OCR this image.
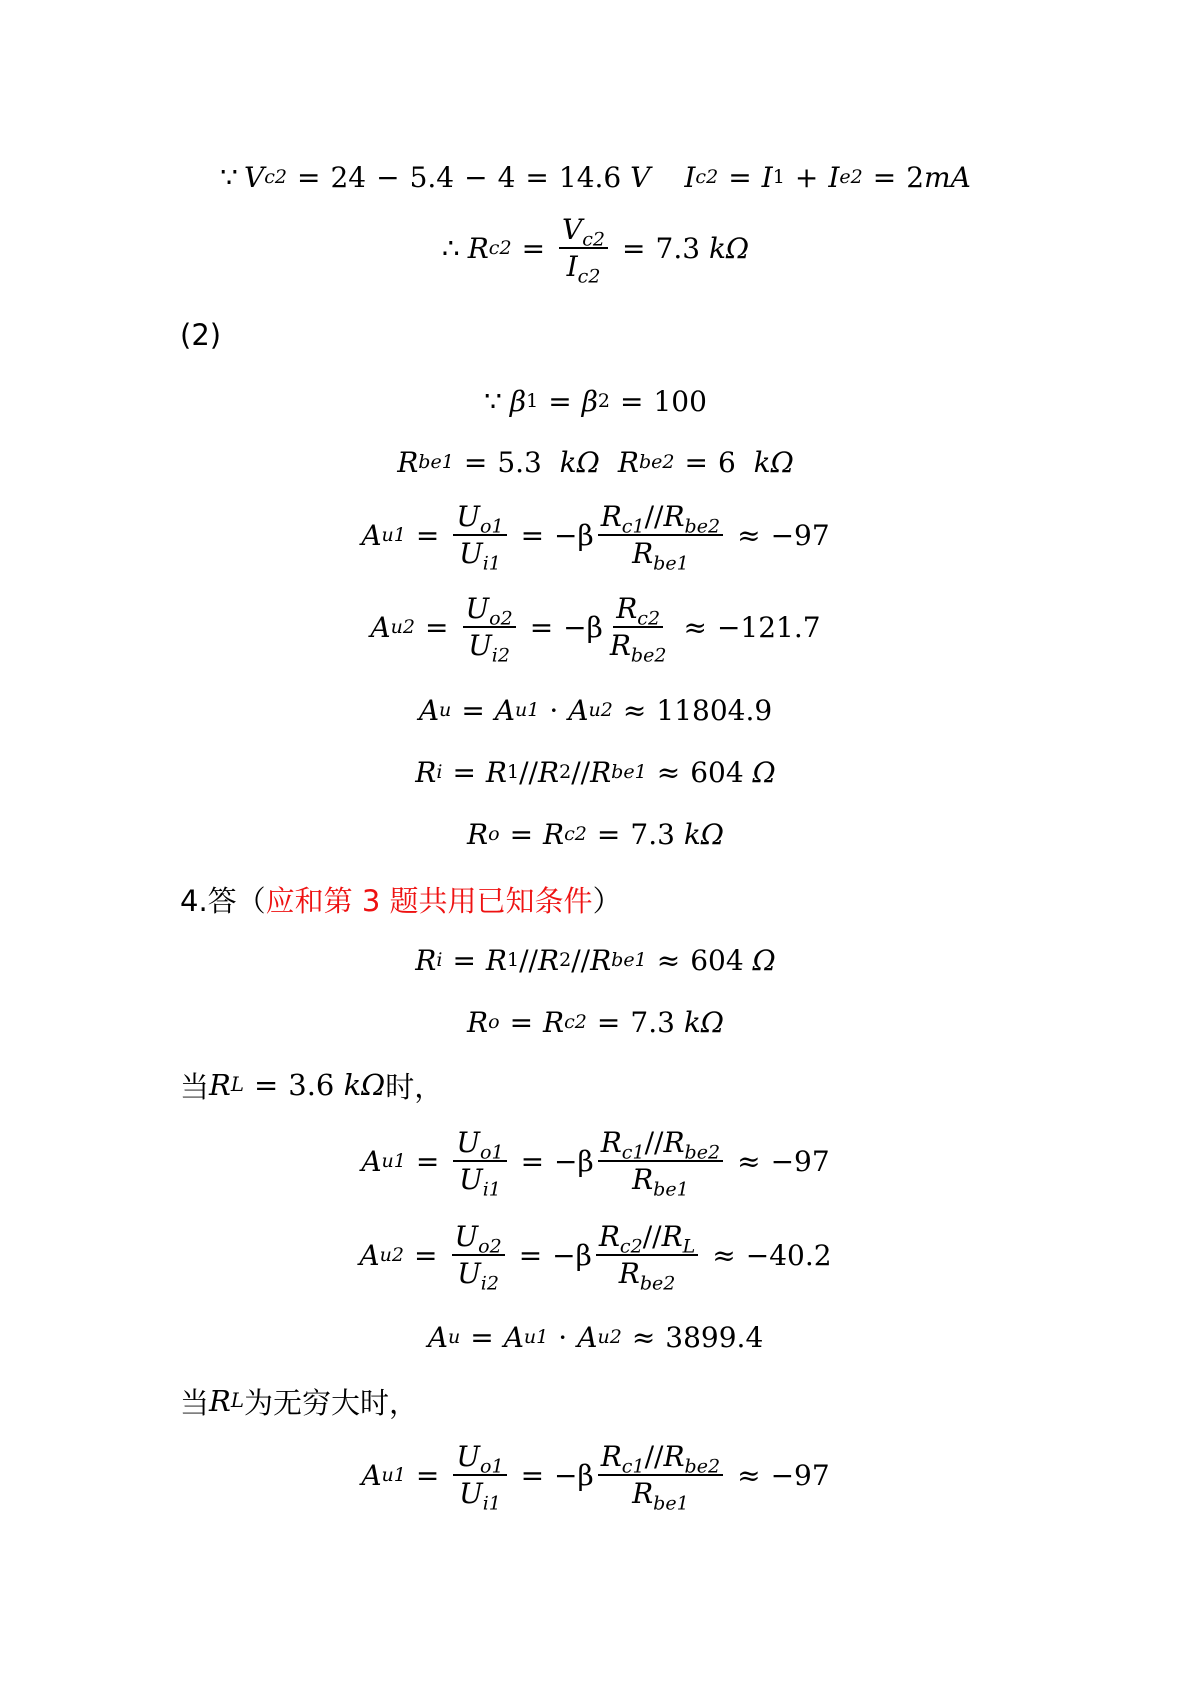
∵ V c2 = 24 − 5.4 − 4 = 14.6 V I c2 = I 1 + I e2 = 2 mA
∴ R $c2 = \frac{V_{c2}}{I_{c2}} = 7.3$ kΩ
(2)
∵ β 1 = β 2 = 100
R be1 = 5.3 kΩ R be2 = 6 kΩ
A $u1 = \frac{U_{o1}}{U_{i1}} = -\beta \frac{R_{c1}//R_{be2}}{R_{be1}} \approx -97$
A $u2 = \frac{U_{o2}}{U_{i2}} = -\beta \frac{R_{c2}}{R_{be2}} \approx -121.7$
A u = A u1 · A u2 ≈ 11804.9
R i = R 1 // R 2 // R be1 ≈ 604 Ω
R o = R c2 = 7.3 kΩ
4.答（ 应和第 3 题共用已知条件 ）
R i = R 1 // R 2 // R be1 ≈ 604 Ω
R o = R c2 = 7.3 kΩ
当 R L = 3.6 kΩ 时，
A $u1 = \frac{U_{o1}}{U_{i1}} = -\beta \frac{R_{c1}//R_{be2}}{R_{be1}} \approx -97$
A $u2 = \frac{U_{o2}}{U_{i2}} = -\beta \frac{R_{c2}//R_L}{R_{be2}} \approx -40.2$
A u = A u1 · A u2 ≈ 3899.4
当 R L 为无穷大时，
A $u1 = \frac{U_{o1}}{U_{i1}} = -\beta \frac{R_{c1}//R_{be2}}{R_{be1}} \approx -97$
